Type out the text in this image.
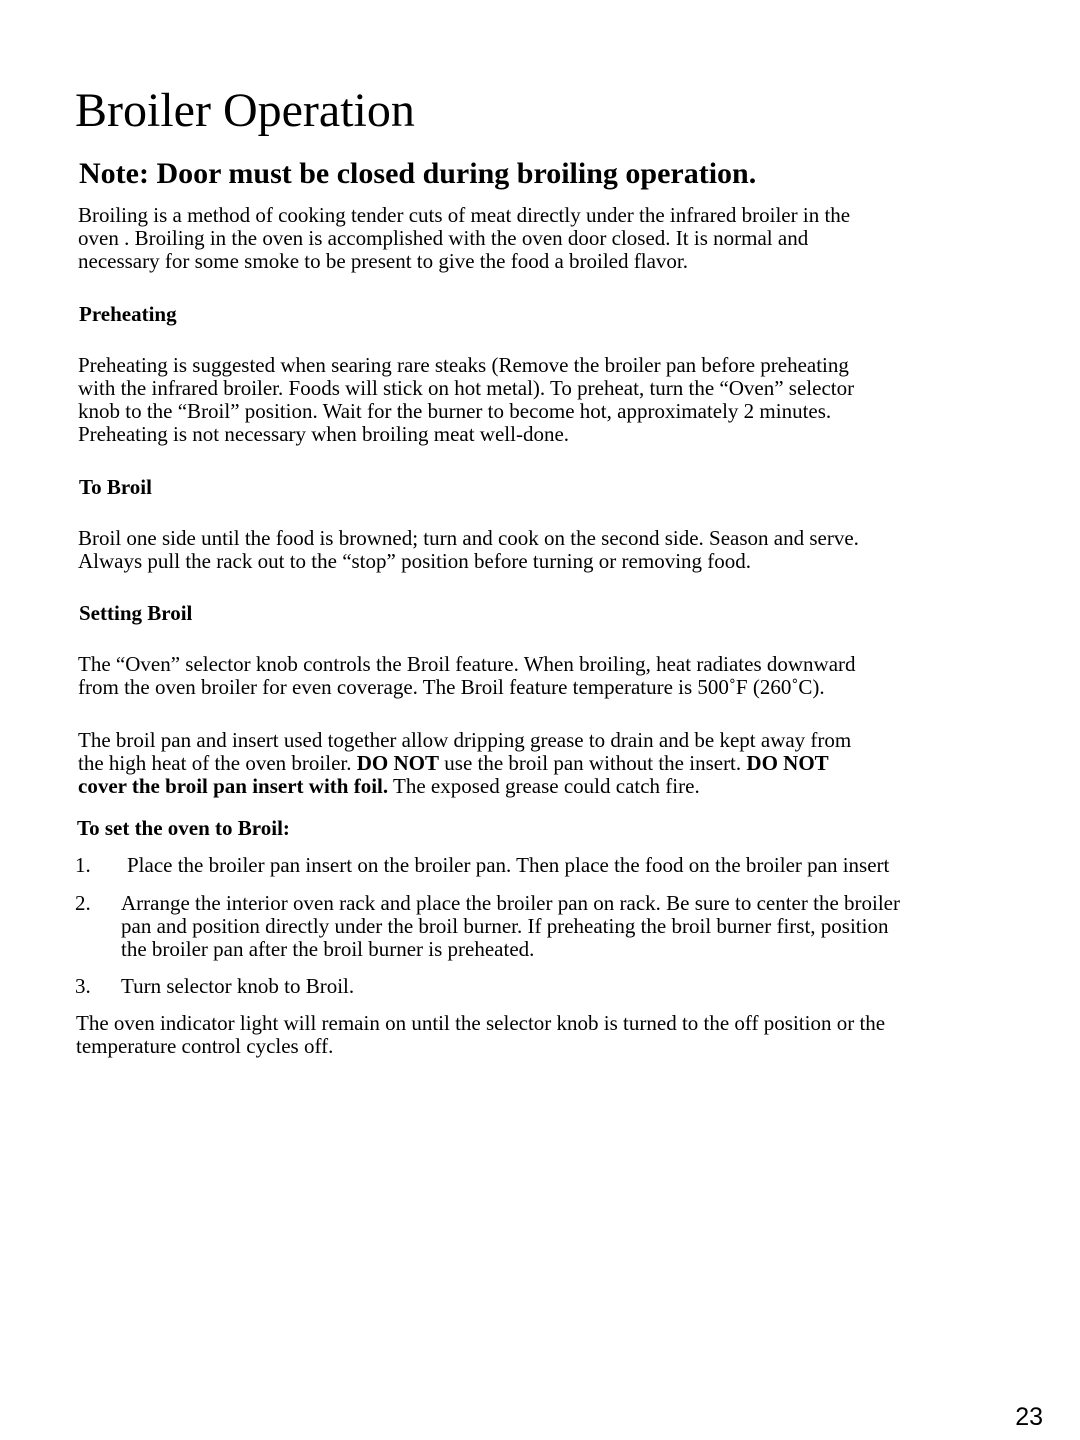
Broiler Operation
Note: Door must be closed during broiling operation.

Broiling is a method of cooking tender cuts of meat directly under the infrared broiler in the
oven . Broiling in the oven is accomplished with the oven door closed. It is normal and
necessary for some smoke to be present to give the food a broiled flavor.

Preheating

Preheating is suggested when searing rare steaks (Remove the broiler pan before preheating
with the infrared broiler. Foods will stick on hot metal). To preheat, turn the “Oven” selector
knob to the “Broil” position. Wait for the burner to become hot, approximately 2 minutes.
Preheating is not necessary when broiling meat well-done.

To Broil

Broil one side until the food is browned; turn and cook on the second side. Season and serve.
Always pull the rack out to the “stop” position before turning or removing food.

Setting Broil

The “Oven” selector knob controls the Broil feature. When broiling, heat radiates downward
from the oven broiler for even coverage. The Broil feature temperature is 500˚F (260˚C).

The broil pan and insert used together allow dripping grease to drain and be kept away from
the high heat of the oven broiler. DO NOT use the broil pan without the insert. DO NOT
cover the broil pan insert with foil. The exposed grease could catch fire.

To set the oven to Broil:
1. Place the broiler pan insert on the broiler pan. Then place the food on the broiler pan insert

2. Arrange the interior oven rack and place the broiler pan on rack. Be sure to center the broiler
pan and position directly under the broil burner. If preheating the broil burner first, position
the broiler pan after the broil burner is preheated.

3. Turn selector knob to Broil.

The oven indicator light will remain on until the selector knob is turned to the off position or the
temperature control cycles off.

23
